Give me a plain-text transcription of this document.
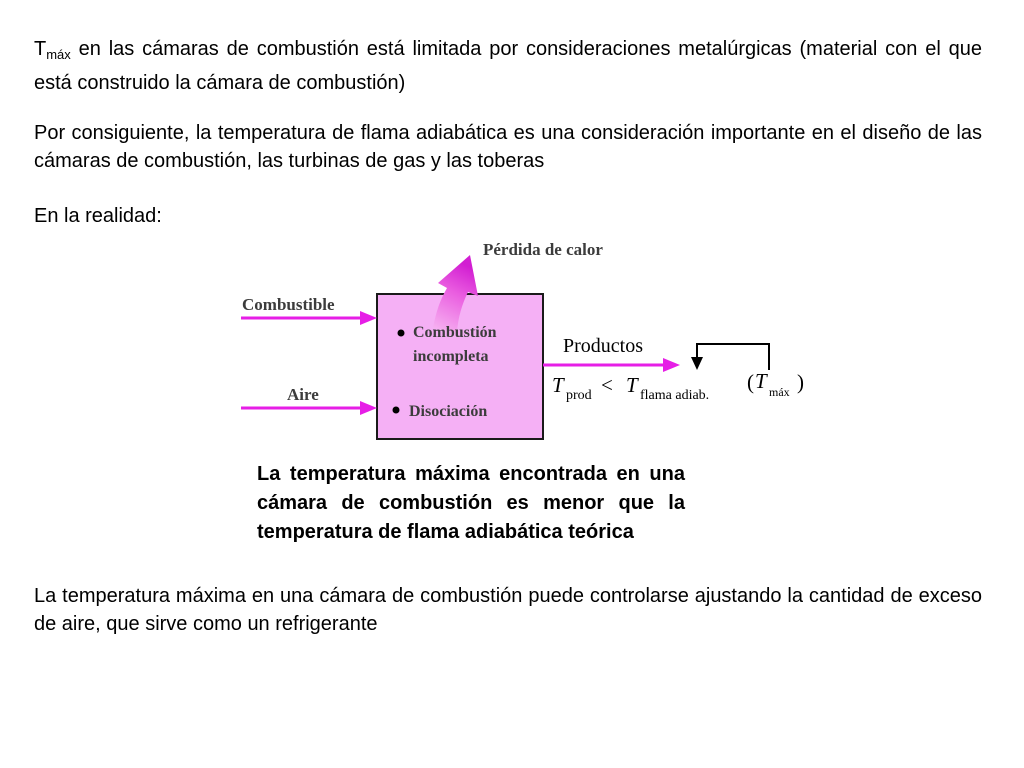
$T_{máx}$ en las cámaras de combustión está limitada por consideraciones metalúrgicas (material con el que está construido la cámara de combustión)

Por consiguiente, la temperatura de flama adiabática es una consideración importante en el diseño de las cámaras de combustión, las turbinas de gas y las toberas

En la realidad:

Pérdida de calor
Combustible
Aire
Combustión
incompleta
Disociación
Productos
T prod < T flama adiab.
( T máx )
La temperatura máxima encontrada en una cámara de combustión es menor que la temperatura de flama adiabática teórica

La temperatura máxima en una cámara de combustión puede controlarse ajustando la cantidad de exceso de aire, que sirve como un refrigerante
